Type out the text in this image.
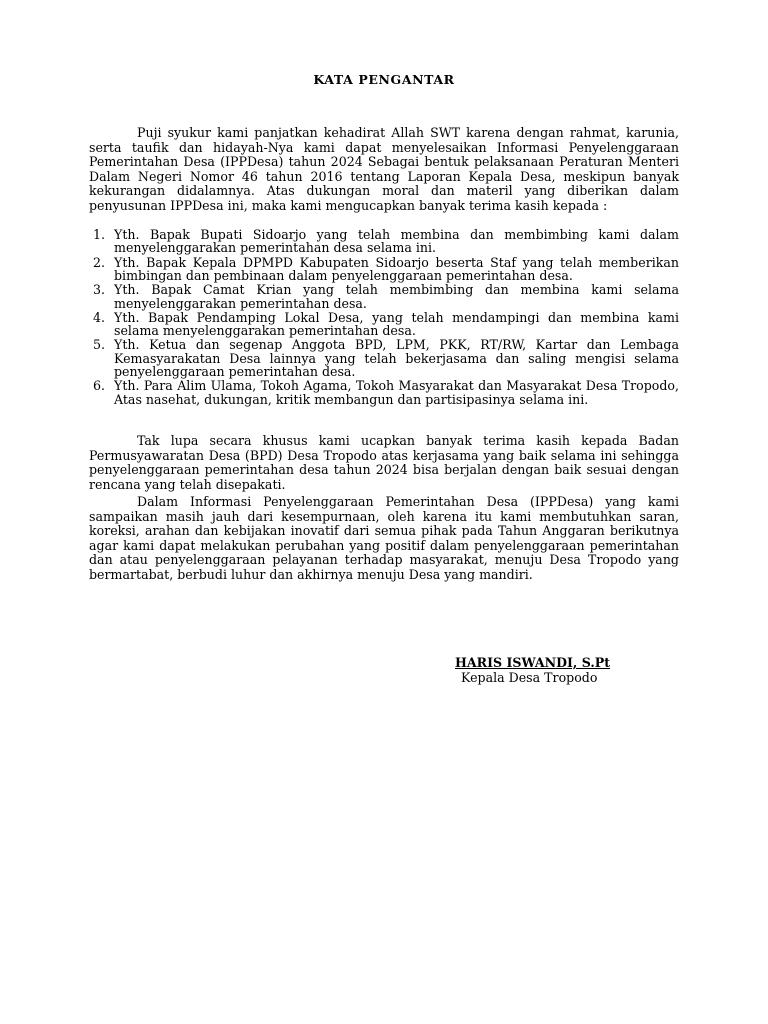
KATA PENGANTAR

Puji syukur kami panjatkan kehadirat Allah SWT karena dengan rahmat, karunia, serta taufik dan hidayah-Nya kami dapat menyelesaikan Informasi Penyelenggaraan Pemerintahan Desa (IPPDesa) tahun 2024 Sebagai bentuk pelaksanaan Peraturan Menteri Dalam Negeri Nomor 46 tahun 2016 tentang Laporan Kepala Desa, meskipun banyak kekurangan didalamnya. Atas dukungan moral dan materil yang diberikan dalam penyusunan IPPDesa ini, maka kami mengucapkan banyak terima kasih kepada :

1. Yth. Bapak Bupati Sidoarjo yang telah membina dan membimbing kami dalam menyelenggarakan pemerintahan desa selama ini.
2. Yth. Bapak Kepala DPMPD Kabupaten Sidoarjo beserta Staf yang telah memberikan bimbingan dan pembinaan dalam penyelenggaraan pemerintahan desa.
3. Yth. Bapak Camat Krian yang telah membimbing dan membina kami selama menyelenggarakan pemerintahan desa.
4. Yth. Bapak Pendamping Lokal Desa, yang telah mendampingi dan membina kami selama menyelenggarakan pemerintahan desa.
5. Yth. Ketua dan segenap Anggota BPD, LPM, PKK, RT/RW, Kartar dan Lembaga Kemasyarakatan Desa lainnya yang telah bekerjasama dan saling mengisi selama penyelenggaraan pemerintahan desa.
6. Yth. Para Alim Ulama, Tokoh Agama, Tokoh Masyarakat dan Masyarakat Desa Tropodo, Atas nasehat, dukungan, kritik membangun dan partisipasinya selama ini.

Tak lupa secara khusus kami ucapkan banyak terima kasih kepada Badan Permusyawaratan Desa (BPD) Desa Tropodo atas kerjasama yang baik selama ini sehingga penyelenggaraan pemerintahan desa tahun 2024 bisa berjalan dengan baik sesuai dengan rencana yang telah disepakati.

Dalam Informasi Penyelenggaraan Pemerintahan Desa (IPPDesa) yang kami sampaikan masih jauh dari kesempurnaan, oleh karena itu kami membutuhkan saran, koreksi, arahan dan kebijakan inovatif dari semua pihak pada Tahun Anggaran berikutnya agar kami dapat melakukan perubahan yang positif dalam penyelenggaraan pemerintahan dan atau penyelenggaraan pelayanan terhadap masyarakat, menuju Desa Tropodo yang bermartabat, berbudi luhur dan akhirnya menuju Desa yang mandiri.

HARIS ISWANDI, S.Pt
Kepala Desa Tropodo
